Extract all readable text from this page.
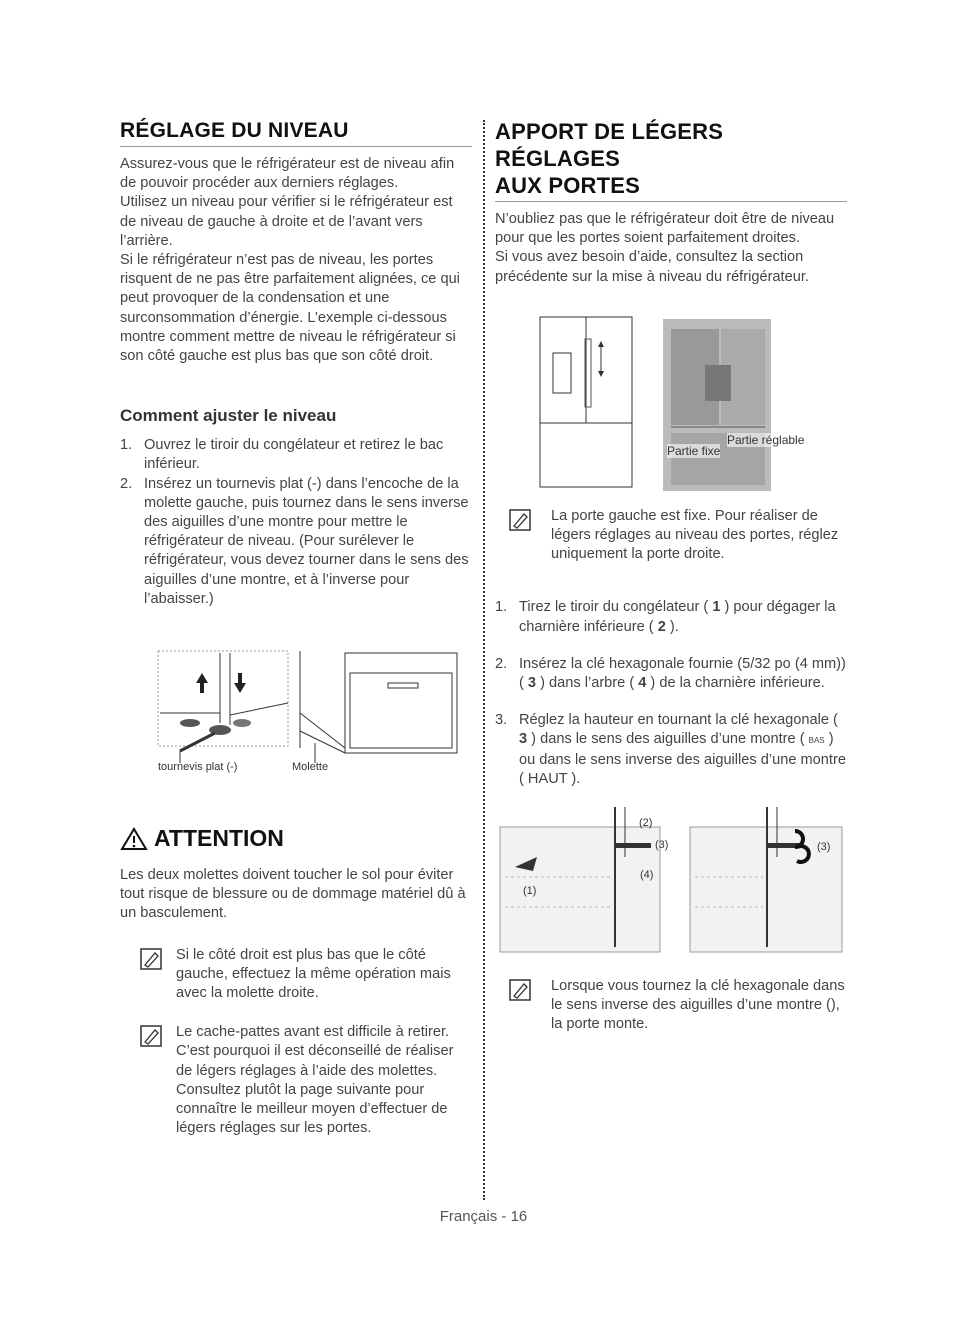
RÉGLAGE DU NIVEAU

Assurez-vous que le réfrigérateur est de niveau afin de pouvoir procéder aux derniers réglages.

Utilisez un niveau pour vérifier si le réfrigérateur est de niveau de gauche à droite et de l’avant vers l’arrière.

Si le réfrigérateur n’est pas de niveau, les portes risquent de ne pas être parfaitement alignées, ce qui peut provoquer de la condensation et une surconsommation d’énergie. L’exemple ci-dessous montre comment mettre de niveau le réfrigérateur si son côté gauche est plus bas que son côté droit.

Comment ajuster le niveau
1. Ouvrez le tiroir du congélateur et retirez le bac inférieur.
2. Insérez un tournevis plat (-) dans l’encoche de la molette gauche, puis tournez dans le sens inverse des aiguilles d’une montre pour mettre le réfrigérateur de niveau. (Pour surélever le réfrigérateur, vous devez tourner dans le sens des aiguilles d’une montre, et à l’inverse pour l’abaisser.)
tournevis plat (-)	Molette
ATTENTION

Les deux molettes doivent toucher le sol pour éviter tout risque de blessure ou de dommage matériel dû à un basculement.

Si le côté droit est plus bas que le côté gauche, effectuez la même opération mais avec la molette droite.

Le cache-pattes avant est difficile à retirer. C’est pourquoi il est déconseillé de réaliser de légers réglages à l’aide des molettes. Consultez plutôt la page suivante pour connaître le meilleur moyen d’effectuer de légers réglages sur les portes.

APPORT DE LÉGERS RÉGLAGES
AUX PORTES

N’oubliez pas que le réfrigérateur doit être de niveau pour que les portes soient parfaitement droites.

Si vous avez besoin d’aide, consultez la section précédente sur la mise à niveau du réfrigérateur.

Partie fixe
Partie réglable

La porte gauche est fixe. Pour réaliser de légers réglages au niveau des portes, réglez uniquement la porte droite.

1. Tirez le tiroir du congélateur ( 1 ) pour dégager la charnière inférieure ( 2 ).
2. Insérez la clé hexagonale fournie (5/32 po (4 mm)) ( 3 ) dans l’arbre ( 4 ) de la charnière inférieure.
3. Réglez la hauteur en tournant la clé hexagonale ( 3 ) dans le sens des aiguilles d’une montre ( BAS ) ou dans le sens inverse des aiguilles d’une montre ( HAUT ).
(1)
(2)
(3)
(4)
(3)

Lorsque vous tournez la clé hexagonale dans le sens inverse des aiguilles d’une montre (), la porte monte.

Français - 16
